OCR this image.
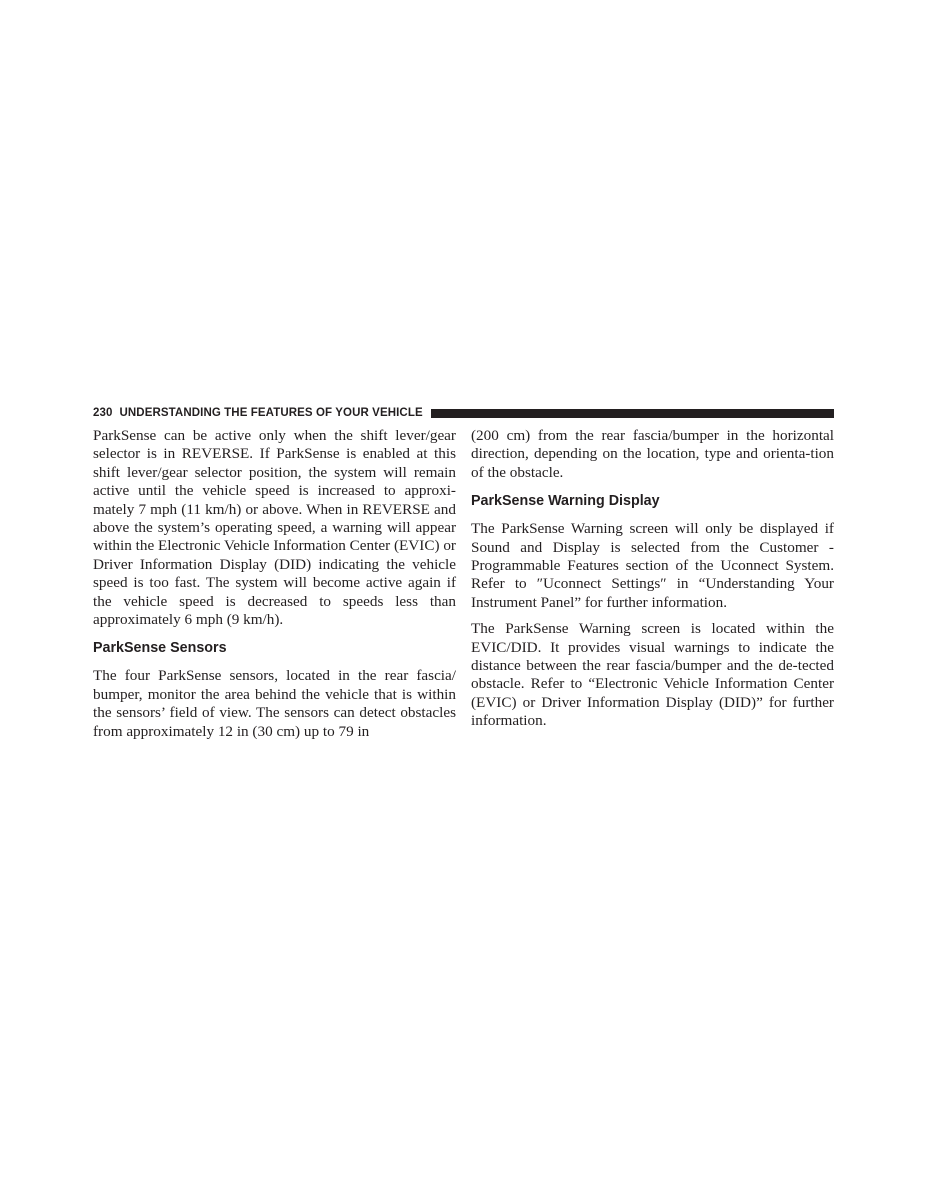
230 UNDERSTANDING THE FEATURES OF YOUR VEHICLE

ParkSense can be active only when the shift lever/gear selector is in REVERSE. If ParkSense is enabled at this shift lever/gear selector position, the system will remain active until the vehicle speed is increased to approxi-mately 7 mph (11 km/h) or above. When in REVERSE and above the system’s operating speed, a warning will appear within the Electronic Vehicle Information Center (EVIC) or Driver Information Display (DID) indicating the vehicle speed is too fast. The system will become active again if the vehicle speed is decreased to speeds less than approximately 6 mph (9 km/h).

ParkSense Sensors

The four ParkSense sensors, located in the rear fascia/ bumper, monitor the area behind the vehicle that is within the sensors’ field of view. The sensors can detect obstacles from approximately 12 in (30 cm) up to 79 in

(200 cm) from the rear fascia/bumper in the horizontal direction, depending on the location, type and orienta-tion of the obstacle.

ParkSense Warning Display

The ParkSense Warning screen will only be displayed if Sound and Display is selected from the Customer - Programmable Features section of the Uconnect System. Refer to ″Uconnect Settings″ in “Understanding Your Instrument Panel” for further information.

The ParkSense Warning screen is located within the EVIC/DID. It provides visual warnings to indicate the distance between the rear fascia/bumper and the de-tected obstacle. Refer to “Electronic Vehicle Information Center (EVIC) or Driver Information Display (DID)” for further information.
